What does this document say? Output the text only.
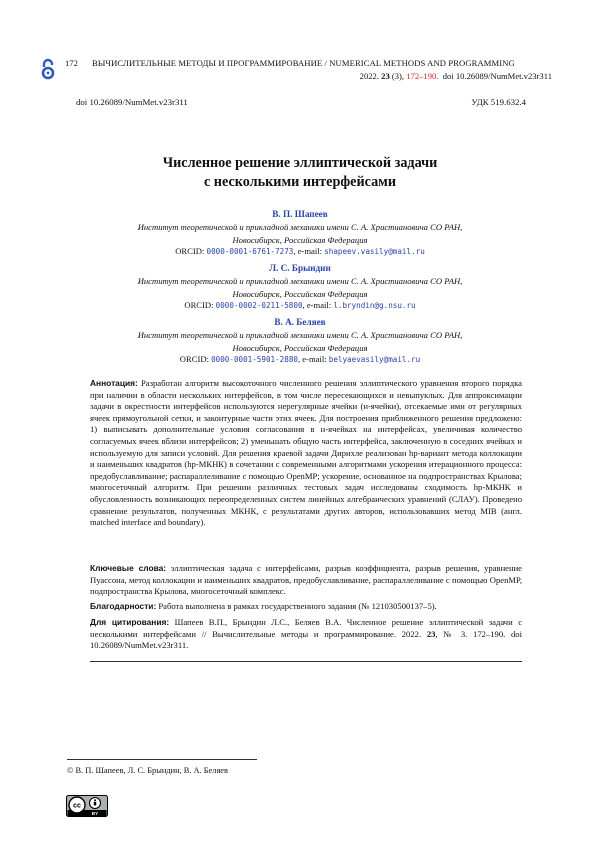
172 ВЫЧИСЛИТЕЛЬНЫЕ МЕТОДЫ И ПРОГРАММИРОВАНИЕ / NUMERICAL METHODS AND PROGRAMMING
2022. 23 (3), 172–190. doi 10.26089/NumMet.v23r311
doi 10.26089/NumMet.v23r311	УДК 519.632.4
Численное решение эллиптической задачи
с несколькими интерфейсами
В. П. Шапеев
Институт теоретической и прикладной механики имени С. А. Христиановича СО РАН,
Новосибирск, Российская Федерация
ORCID: 0000-0001-6761-7273, e-mail: shapeev.vasily@mail.ru
Л. С. Брындин
Институт теоретической и прикладной механики имени С. А. Христиановича СО РАН,
Новосибирск, Российская Федерация
ORCID: 0000-0002-0211-5800, e-mail: l.bryndin@g.nsu.ru
В. А. Беляев
Институт теоретической и прикладной механики имени С. А. Христиановича СО РАН,
Новосибирск, Российская Федерация
ORCID: 0000-0001-5901-2880, e-mail: belyaevasily@mail.ru
Аннотация: Разработан алгоритм высокоточного численного решения эллиптического уравнения второго порядка при наличии в области нескольких интерфейсов, в том числе пересекающихся и невыпуклых. Для аппроксимации задачи в окрестности интерфейсов используются нерегулярные ячейки (н-ячейки), отсекаемые ими от регулярных ячеек прямоугольной сетки, и законтурные части этих ячеек. Для построения приближенного решения предложено: 1) выписывать дополнительные условия согласования в н-ячейках на интерфейсах, увеличивая количество согласуемых ячеек вблизи интерфейсов; 2) уменьшать общую часть интерфейса, заключенную в соседних ячейках и используемую для записи условий. Для решения краевой задачи Дирихле реализован hp-вариант метода коллокации и наименьших квадратов (hp-МКНК) в сочетании с современными алгоритмами ускорения итерационного процесса: предобуславливание; распараллеливание с помощью OpenMP; ускорение, основанное на подпространствах Крылова; многосеточный алгоритм. При решении различных тестовых задач исследованы сходимость hp-МКНК и обусловленность возникающих переопределенных систем линейных алгебраических уравнений (СЛАУ). Проведено сравнение результатов, полученных МКНК, с результатами других авторов, использовавших метод MIB (англ. matched interface and boundary).
Ключевые слова: эллиптическая задача с интерфейсами, разрыв коэффициента, разрыв решения, уравнение Пуассона, метод коллокации и наименьших квадратов, предобуславливание, распараллеливание с помощью OpenMP, подпространства Крылова, многосеточный комплекс.
Благодарности: Работа выполнена в рамках государственного задания (№ 121030500137–5).
Для цитирования: Шапеев В.П., Брындин Л.С., Беляев В.А. Численное решение эллиптической задачи с несколькими интерфейсами // Вычислительные методы и программирование. 2022. 23, № 3. 172–190. doi 10.26089/NumMet.v23r311.
© В. П. Шапеев, Л. С. Брындин, В. А. Беляев
cc
BY
